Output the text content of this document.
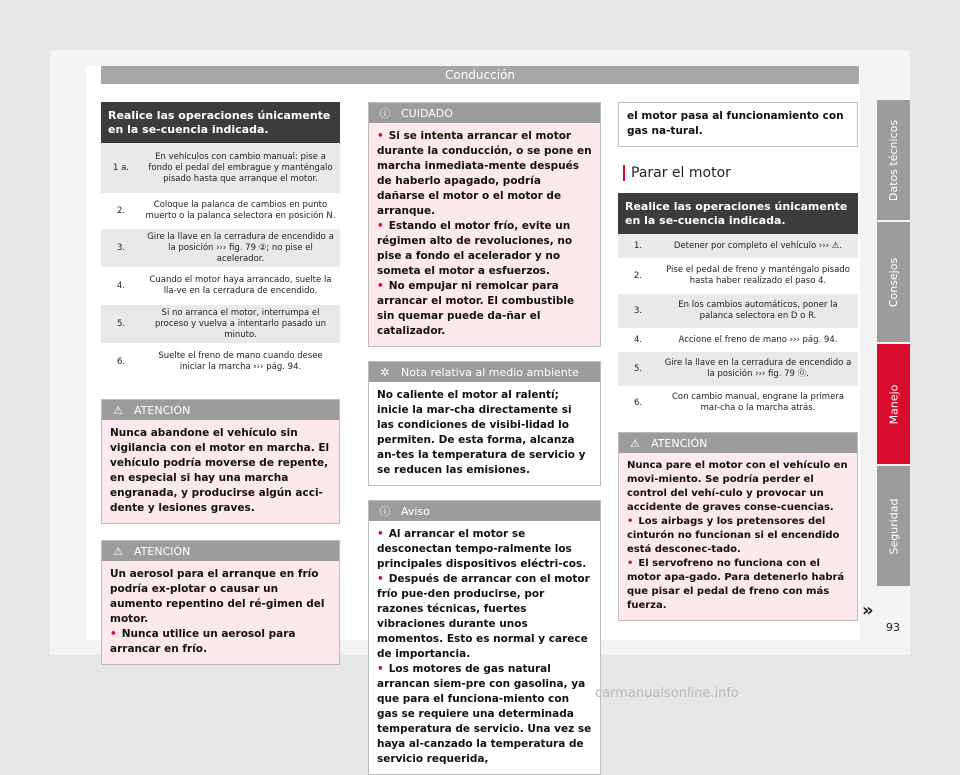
Conducción
Realice las operaciones únicamente en la se-cuencia indicada.
1 a.
En vehículos con cambio manual: pise a fondo el pedal del embrague y manténgalo pisado hasta que arranque el motor.
2.
Coloque la palanca de cambios en punto muerto o la palanca selectora en posición N.
3.
Gire la llave en la cerradura de encendido a la posición ››› fig. 79 ②; no pise el acelerador.
4.
Cuando el motor haya arrancado, suelte la lla-ve en la cerradura de encendido.
5.
Si no arranca el motor, interrumpa el proceso y vuelva a intentarlo pasado un minuto.
6.
Suelte el freno de mano cuando desee iniciar la marcha ››› pág. 94.
⚠ ATENCIÓN
Nunca abandone el vehículo sin vigilancia con el motor en marcha. El vehículo podría moverse de repente, en especial si hay una marcha engranada, y producirse algún acci-dente y lesiones graves.
⚠ ATENCIÓN

Un aerosol para el arranque en frío podría ex-plotar o causar un aumento repentino del ré-gimen del motor.

• Nunca utilice un aerosol para arrancar en frío.

ⓘ CUIDADO

• Si se intenta arrancar el motor durante la conducción, o se pone en marcha inmediata-mente después de haberlo apagado, podría dañarse el motor o el motor de arranque.

• Estando el motor frío, evite un régimen alto de revoluciones, no pise a fondo el acelerador y no someta el motor a esfuerzos.

• No empujar ni remolcar para arrancar el motor. El combustible sin quemar puede da-ñar el catalizador.

✲	Nota relativa al medio ambiente
No caliente el motor al ralentí; inicie la mar-cha directamente si las condiciones de visibi-lidad lo permiten. De esta forma, alcanza an-tes la temperatura de servicio y se reducen las emisiones.
ⓘ Aviso

• Al arrancar el motor se desconectan tempo-ralmente los principales dispositivos eléctri-cos.

• Después de arrancar con el motor frío pue-den producirse, por razones técnicas, fuertes vibraciones durante unos momentos. Esto es normal y carece de importancia.

• Los motores de gas natural arrancan siem-pre con gasolina, ya que para el funciona-miento con gas se requiere una determinada temperatura de servicio. Una vez se haya al-canzado la temperatura de servicio requerida,

el motor pasa al funcionamiento con gas na-tural.
Parar el motor
Realice las operaciones únicamente en la se-cuencia indicada.
1.	Detener por completo el vehículo ››› ⚠.
2.
Pise el pedal de freno y manténgalo pisado hasta haber realizado el paso 4.
3.
En los cambios automáticos, poner la palanca selectora en D o R.
4.	Accione el freno de mano ››› pág. 94.
5.
Gire la llave en la cerradura de encendido a la posición ››› fig. 79 ⓪.
6.
Con cambio manual, engrane la primera mar-cha o la marcha atrás.
⚠ ATENCIÓN

Nunca pare el motor con el vehículo en movi-miento. Se podría perder el control del vehí-culo y provocar un accidente de graves conse-cuencias.

• Los airbags y los pretensores del cinturón no funcionan si el encendido está desconec-tado.

• El servofreno no funciona con el motor apa-gado. Para detenerlo habrá que pisar el pedal de freno con más fuerza.

Datos técnicos
Consejos
Manejo
Seguridad
»
93
carmanualsonline.info
